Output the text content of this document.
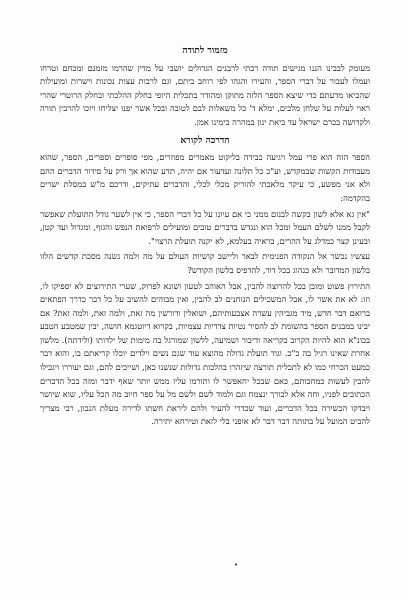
מזמור לתודה

מעומק לבבינו הננו מגישים תודה רבתי לרבנים הגדולים יושבי על מדין שהרמו מזמנם ומכחם וטרחו ועמלו לעבור על דברי הספר, והעירו והגהו לפי רוחב ביתם, וגם לרבות עצות נכונות וישרות ומועילות שהביאו מדעתם כדי שיצא הספר הלזה מתוקן ומהודר בתכלית היופי בחלק ההלכתי ובחלק הרוטרי שהרי ראוי לעלות על שלחן מלכים, ימלא ד' כל משאלות לבם לטובה ובכל אשר יפנו יצליחו ויזכו להרבין תורה ולקדושה בכרם ישראל עד ביאת ינון במהרה בימינו אמן.

הדרכה לקורא

הספר הזה הוא פרי עמל ויגיעה כבידה בליקוט מאמרים מפוזרים, מפי סופרים וספרים, הספר, שהוא מעבודות הקשות שבמקדש, וע"כ כל תלונה ועדעור אם יהיה, תדע שהוא אך ורק על סידור הדברים ההם ולא אני מפשע, כי עיקר מלאכתי להוריק מכלי לכלי, והדברים עתיקים, ודרכם מ"ש במסלת ישרים בהקדמה:

"אין גא אלא לשון בקשה לבנום ממני כי אם עיונו על כל דברי הספר, כי אין לשער גודל התועלת שאפשר לקבל ממנו לשלם העמל ומכל הוא ונגדש בדברים טובים ומועילים לרפואת הנפש והגוף, ומגדול ועד קטן, ובעינן קצר כמדלג על ההרים, בראיה בעלמא, לא יקנה תועלת הרצוי".

עצשיו נכשר אל הנקודה הפנימית לבאר וליישב קושיות העולם על מה ולמה נשנה מסכת קדשים הלזו בלשון המדובר ולא כנהוג בכל דור, להדפיס בלשון הקודש?

התירוץ פשוט ומובן בכל להרוצה להבין, אבל האוהב לטעון ושונא לפרוק, שערי התירוצים לא יספיקו לו, וזו: לא את אשר לו, אבל המשכילים הנוחנים לב להבין, ואין מבוהים להשיב על כל דבר כדרך הפתאים ברואם דבר חדש, מיד מגביהין עשרה אצבעותיהם, ושואלין ודורשין מה זאת, ולמה זאת, ולמה זאת? אם יבינו במבנים הספר בהשומת לב להסיר נטיות צדדיות עצמיות, בקרוא דיוטגמא חושה, יבין שמטבע הטבע בכונ"א הוא להיות הקרוב בקריאה ודיבור ושמיעה, ללשון שמורגל בה מימות של ילדותו (ולידתה). מלשון אחרת שאינו רגיל בה כ"כ. וגוד תועלת גדולה מהוצא עוד שגם נשים וילדים יוכלו קריאתם בו, והוא דבר כמעט הכרחי כמו לא לתכלית תורצה שיזהרו בהלכות גדולות שנשנו כאן, ושייכים להם, וגם יעוררו ויגבילו להבין לעשות כמחכותם, כאם שבכל יחאפשר לו ותורמו עליו ממש יותר שאף ידבר ומזה בכל הדברים הכתובים לפניו, וחה אלא לבורך ינצמח וגם ולמוד לשם ולשם מל על ספר חיוב מה הכל עליו, שוא שיושר ויבדקו הכשירה בכל הדברים, ועוד שכדרי להעיר ולהם ליראת חשתו לדירה מעלת הנכון, רבי מצריך להביט המועל על בתותה דבר דבר לא אופני בלי לזאת וטירחא יתירה.

•
